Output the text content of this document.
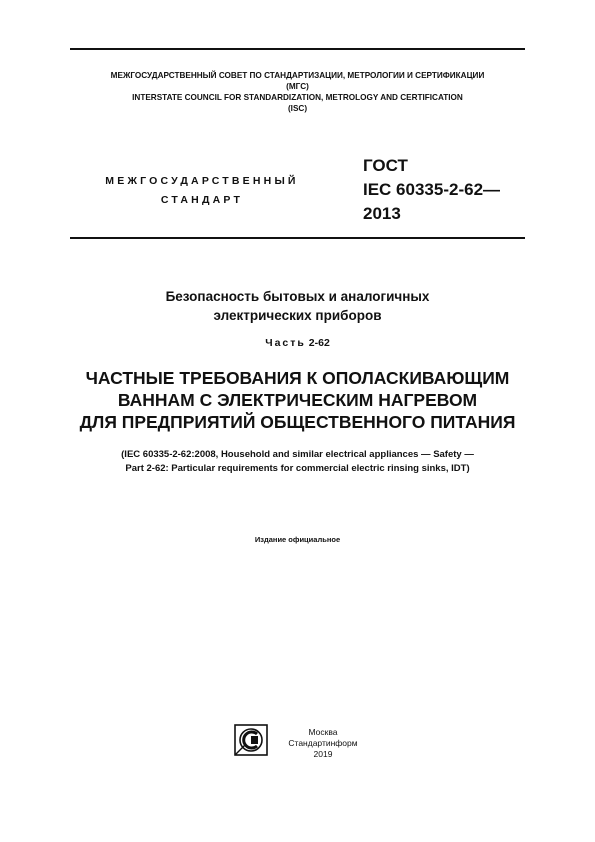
МЕЖГОСУДАРСТВЕННЫЙ СОВЕТ ПО СТАНДАРТИЗАЦИИ, МЕТРОЛОГИИ И СЕРТИФИКАЦИИ
(МГС)
INTERSTATE COUNCIL FOR STANDARDIZATION, METROLOGY AND CERTIFICATION
(ISC)
МЕЖГОСУДАРСТВЕННЫЙ
СТАНДАРТ
ГОСТ
IEC 60335-2-62—
2013
Безопасность бытовых и аналогичных
электрических приборов
Часть 2-62
ЧАСТНЫЕ ТРЕБОВАНИЯ К ОПОЛАСКИВАЮЩИМ
ВАННАМ С ЭЛЕКТРИЧЕСКИМ НАГРЕВОМ
ДЛЯ ПРЕДПРИЯТИЙ ОБЩЕСТВЕННОГО ПИТАНИЯ
(IEC 60335-2-62:2008, Household and similar electrical appliances — Safety —
Part 2-62: Particular requirements for commercial electric rinsing sinks, IDT)
Издание официальное
Москва
Стандартинформ
2019
